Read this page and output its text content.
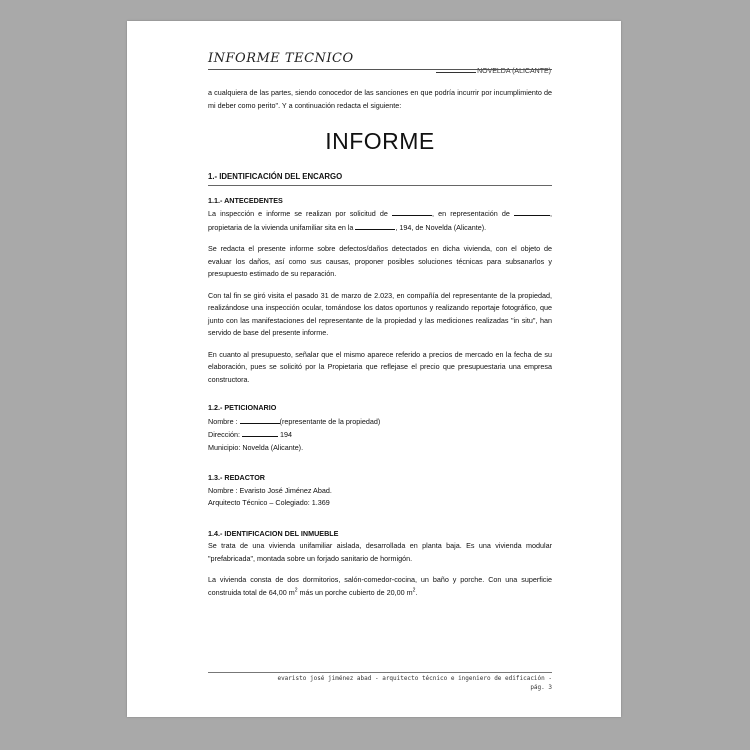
INFORME TECNICO
NOVELDA (ALICANTE)

a cualquiera de las partes, siendo conocedor de las sanciones en que podría incurrir por incumplimiento de mi deber como perito". Y a continuación redacta el siguiente:

INFORME
1.- IDENTIFICACIÓN DEL ENCARGO

1.1.- ANTECEDENTES

La inspección e informe se realizan por solicitud de	, en representación de	, propietaria de la vivienda unifamiliar sita en la	, 194, de Novelda (Alicante).

Se redacta el presente informe sobre defectos/daños detectados en dicha vivienda, con el objeto de evaluar los daños, así como sus causas, proponer posibles soluciones técnicas para subsanarlos y presupuesto estimado de su reparación.

Con tal fin se giró visita el pasado 31 de marzo de 2.023, en compañía del representante de la propiedad, realizándose una inspección ocular, tomándose los datos oportunos y realizando reportaje fotográfico, que junto con las manifestaciones del representante de la propiedad y las mediciones realizadas "in situ", han servido de base del presente informe.

En cuanto al presupuesto, señalar que el mismo aparece referido a precios de mercado en la fecha de su elaboración, pues se solicitó por la Propietaria que reflejase el precio que presupuestaria una empresa constructora.

1.2.- PETICIONARIO

Nombre :	(representante de la propiedad)

Dirección:	194

Municipio: Novelda (Alicante).

1.3.- REDACTOR

Nombre : Evaristo José Jiménez Abad.

Arquitecto Técnico – Colegiado: 1.369

1.4.- IDENTIFICACION DEL INMUEBLE

Se trata de una vivienda unifamiliar aislada, desarrollada en planta baja. Es una vivienda modular "prefabricada", montada sobre un forjado sanitario de hormigón.

La vivienda consta de dos dormitorios, salón-comedor-cocina, un baño y porche. Con una superficie construida total de 64,00 $m^2$ más un porche cubierto de 20,00 $m^2$.

evaristo josé jiménez abad - arquitecto técnico e ingeniero de edificación -
pág. 3
